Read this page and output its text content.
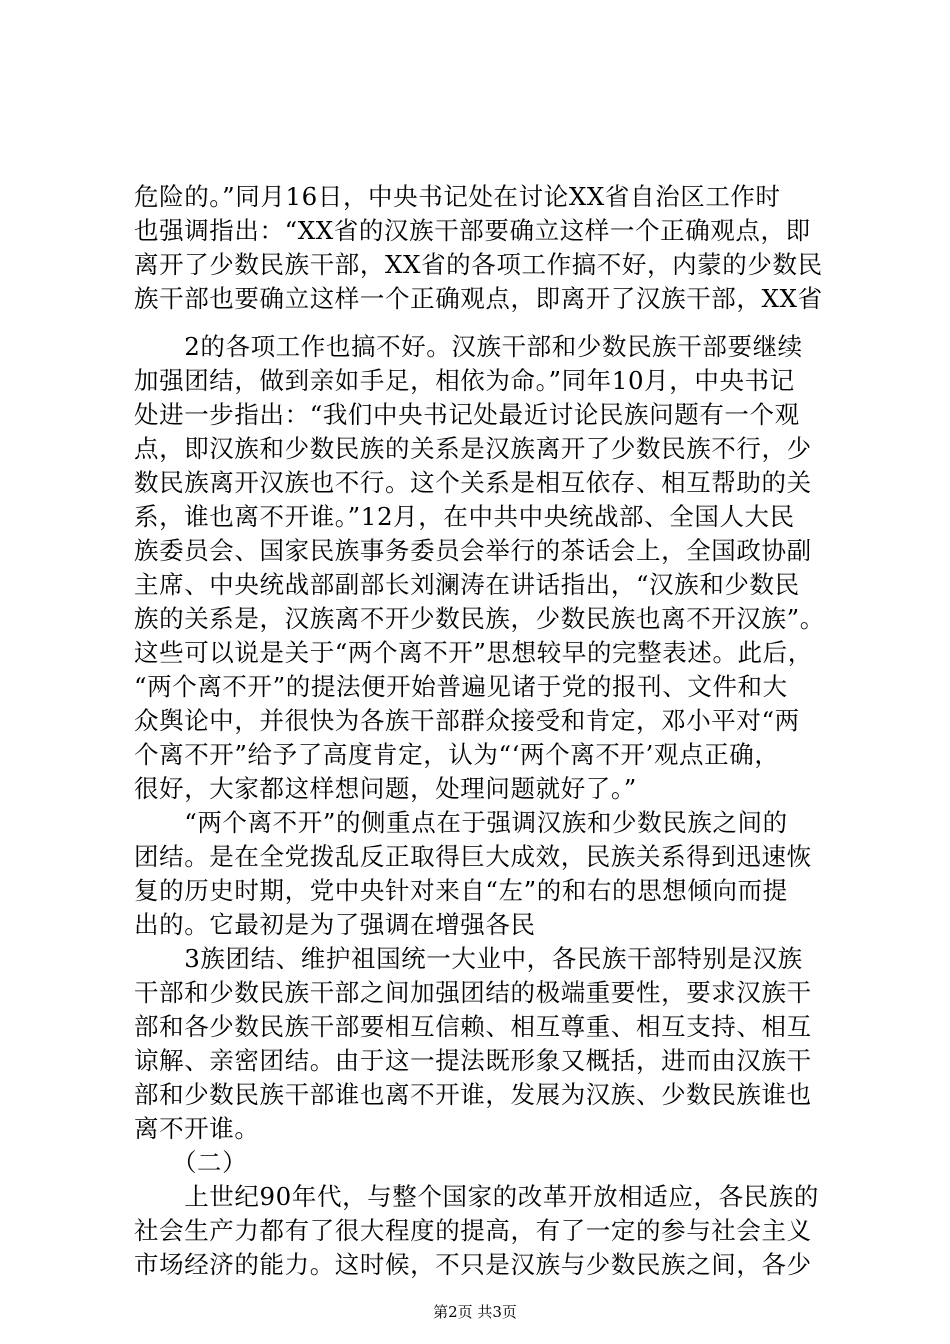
危险的。”同月16日，中央书记处在讨论XX省自治区工作时
也强调指出：“XX省的汉族干部要确立这样一个正确观点，即
离开了少数民族干部，XX省的各项工作搞不好，内蒙的少数民
族干部也要确立这样一个正确观点，即离开了汉族干部，XX省
　　2的各项工作也搞不好。汉族干部和少数民族干部要继续
加强团结，做到亲如手足，相依为命。”同年10月，中央书记
处进一步指出：“我们中央书记处最近讨论民族问题有一个观
点，即汉族和少数民族的关系是汉族离开了少数民族不行，少
数民族离开汉族也不行。这个关系是相互依存、相互帮助的关
系，谁也离不开谁。”12月，在中共中央统战部、全国人大民
族委员会、国家民族事务委员会举行的茶话会上，全国政协副
主席、中央统战部副部长刘澜涛在讲话指出，“汉族和少数民
族的关系是，汉族离不开少数民族，少数民族也离不开汉族”。
这些可以说是关于“两个离不开”思想较早的完整表述。此后，
“两个离不开”的提法便开始普遍见诸于党的报刊、文件和大
众舆论中，并很快为各族干部群众接受和肯定，邓小平对“两
个离不开”给予了高度肯定，认为“‘两个离不开’观点正确，
很好，大家都这样想问题，处理问题就好了。”
　　“两个离不开”的侧重点在于强调汉族和少数民族之间的
团结。是在全党拨乱反正取得巨大成效，民族关系得到迅速恢
复的历史时期，党中央针对来自“左”的和右的思想倾向而提
出的。它最初是为了强调在增强各民
　　3族团结、维护祖国统一大业中，各民族干部特别是汉族
干部和少数民族干部之间加强团结的极端重要性，要求汉族干
部和各少数民族干部要相互信赖、相互尊重、相互支持、相互
谅解、亲密团结。由于这一提法既形象又概括，进而由汉族干
部和少数民族干部谁也离不开谁，发展为汉族、少数民族谁也
离不开谁。
　　（二）
　　上世纪90年代，与整个国家的改革开放相适应，各民族的
社会生产力都有了很大程度的提高，有了一定的参与社会主义
市场经济的能力。这时候，不只是汉族与少数民族之间，各少
第2页 共3页
